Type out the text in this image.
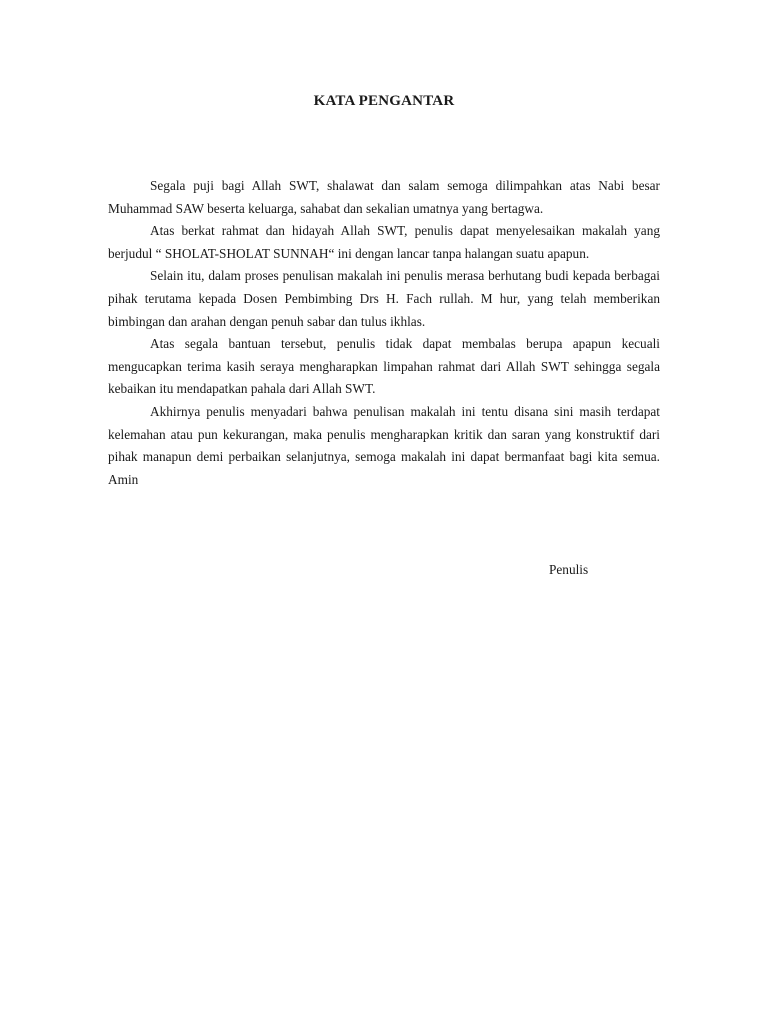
KATA PENGANTAR

Segala puji bagi Allah SWT, shalawat dan salam semoga dilimpahkan atas Nabi besar Muhammad SAW beserta keluarga, sahabat dan sekalian umatnya yang bertagwa.

Atas berkat rahmat dan hidayah Allah SWT, penulis dapat menyelesaikan makalah yang berjudul “ SHOLAT-SHOLAT SUNNAH“ ini dengan lancar tanpa halangan suatu apapun.

Selain itu, dalam proses penulisan makalah ini penulis merasa berhutang budi kepada berbagai pihak terutama kepada Dosen Pembimbing Drs H. Fach rullah. M hur, yang telah memberikan bimbingan dan arahan dengan penuh sabar dan tulus ikhlas.

Atas segala bantuan tersebut, penulis tidak dapat membalas berupa apapun kecuali mengucapkan terima kasih seraya mengharapkan limpahan rahmat dari Allah SWT sehingga segala kebaikan itu mendapatkan pahala dari Allah SWT.

Akhirnya penulis menyadari bahwa penulisan makalah ini tentu disana sini masih terdapat kelemahan atau pun kekurangan, maka penulis mengharapkan kritik dan saran yang konstruktif dari pihak manapun demi perbaikan selanjutnya, semoga makalah ini dapat bermanfaat bagi kita semua. Amin

Penulis
